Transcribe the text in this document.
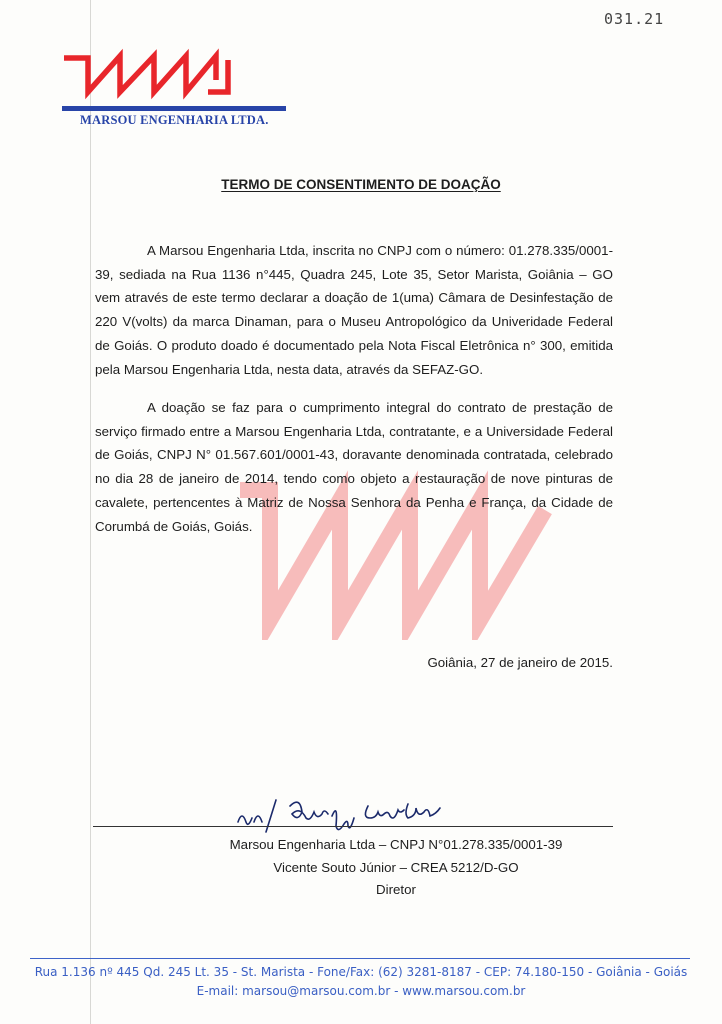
031.21
MARSOU ENGENHARIA LTDA.
TERMO DE CONSENTIMENTO DE DOAÇÃO

A Marsou Engenharia Ltda, inscrita no CNPJ com o número: 01.278.335/0001-39, sediada na Rua 1136 n°445, Quadra 245, Lote 35, Setor Marista, Goiânia – GO vem através de este termo declarar a doação de 1(uma) Câmara de Desinfestação de 220 V(volts) da marca Dinaman, para o Museu Antropológico da Univeridade Federal de Goiás. O produto doado é documentado pela Nota Fiscal Eletrônica n° 300, emitida pela Marsou Engenharia Ltda, nesta data, através da SEFAZ-GO.

A doação se faz para o cumprimento integral do contrato de prestação de serviço firmado entre a Marsou Engenharia Ltda, contratante, e a Universidade Federal de Goiás, CNPJ N° 01.567.601/0001-43, doravante denominada contratada, celebrado no dia 28 de janeiro de 2014, tendo como objeto a restauração de nove pinturas de cavalete, pertencentes à Matriz de Nossa Senhora da Penha e França, da Cidade de Corumbá de Goiás, Goiás.

Goiânia, 27 de janeiro de 2015.
Marsou Engenharia Ltda – CNPJ N°01.278.335/0001-39
Vicente Souto Júnior – CREA 5212/D-GO
Diretor
Rua 1.136 nº 445 Qd. 245 Lt. 35 - St. Marista - Fone/Fax: (62) 3281-8187 - CEP: 74.180-150 - Goiânia - Goiás
E-mail: marsou@marsou.com.br - www.marsou.com.br
